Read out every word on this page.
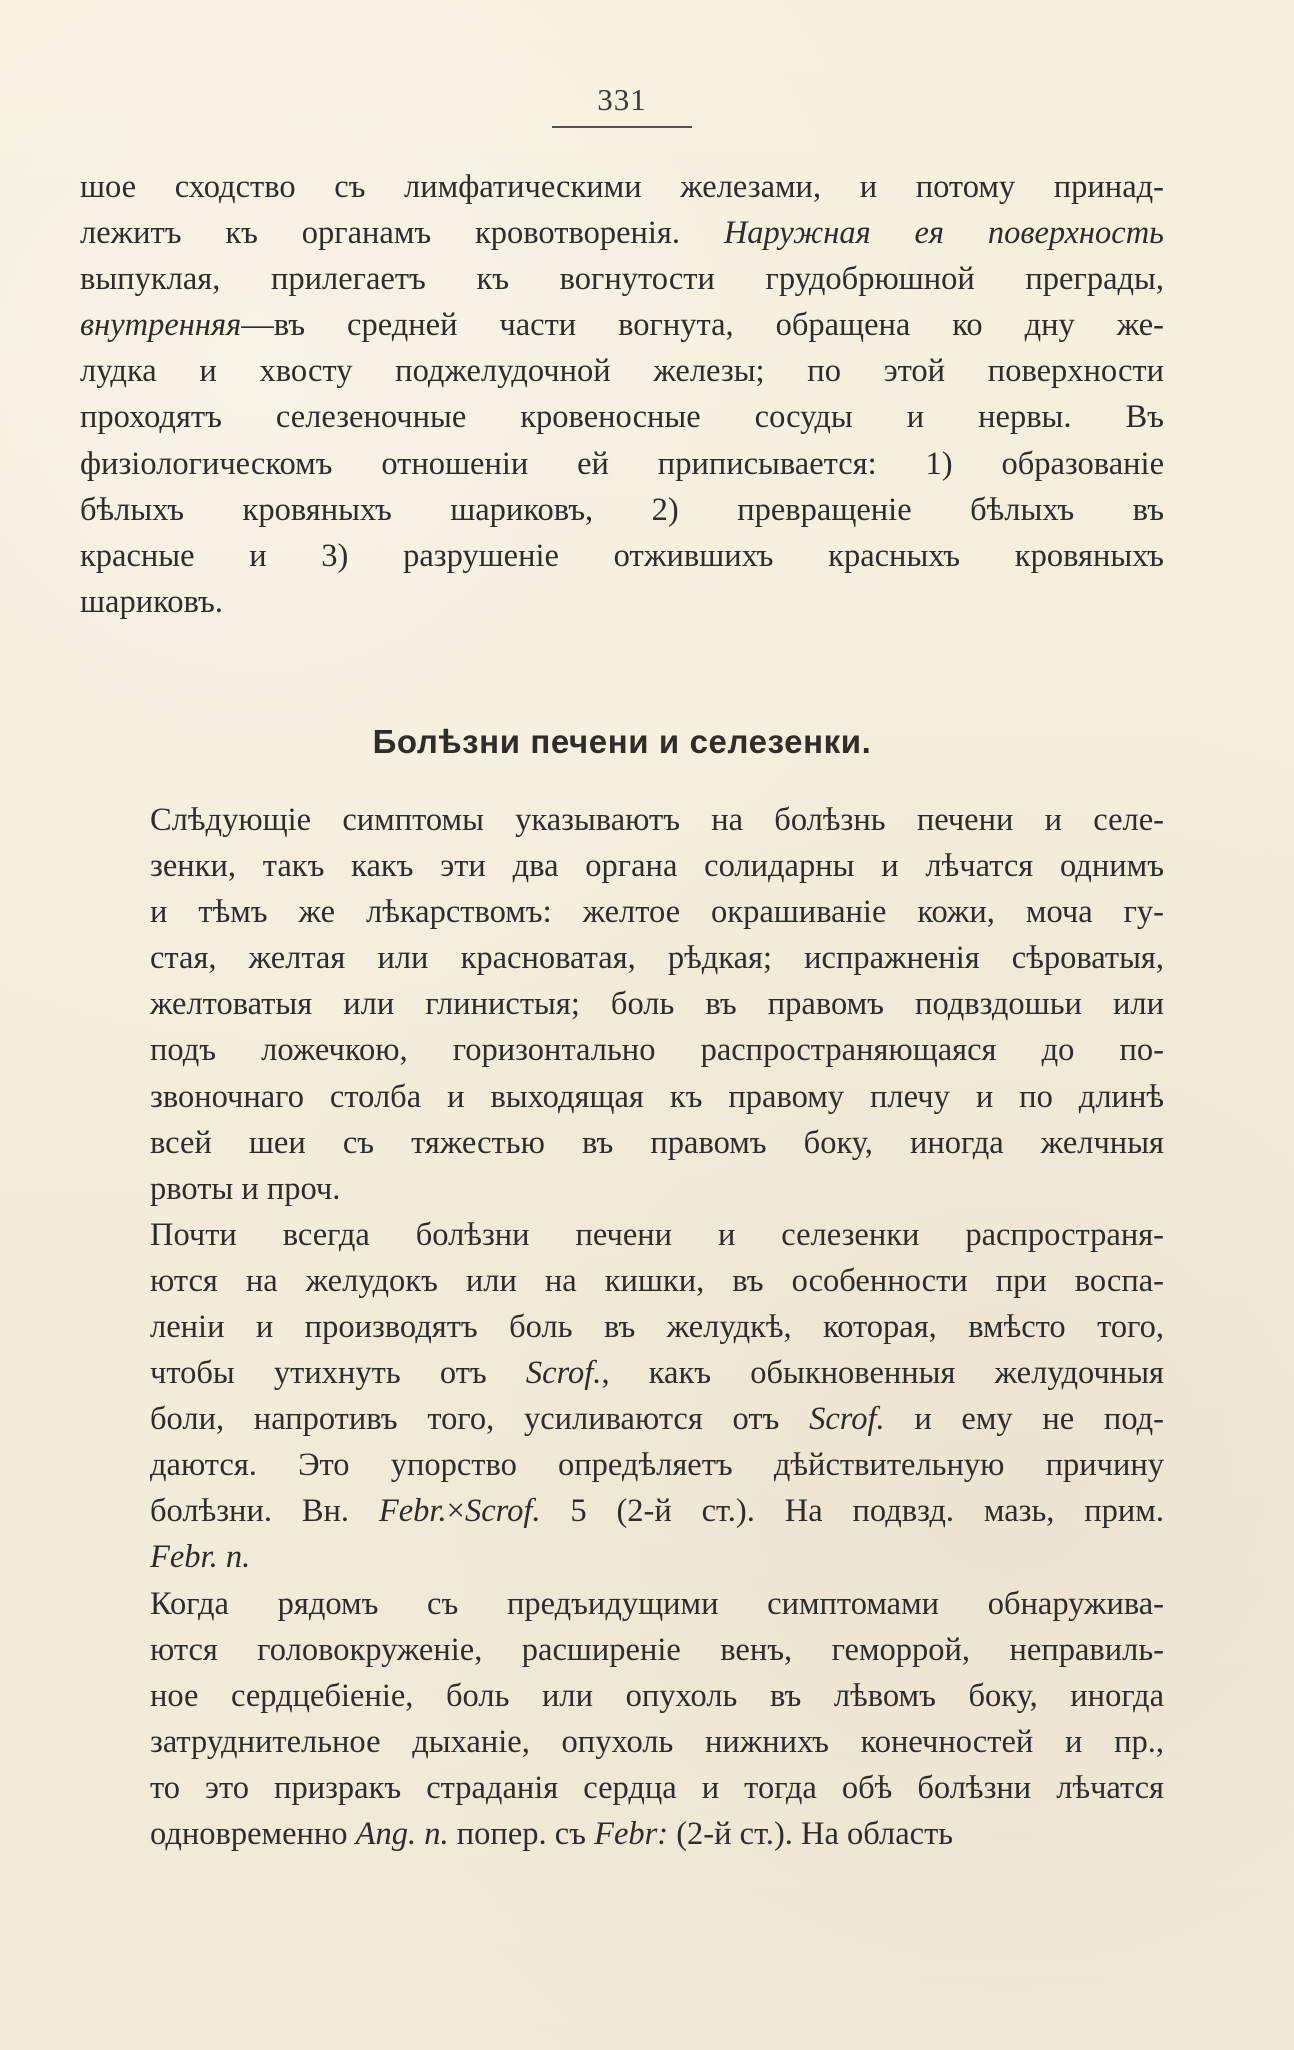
331

шое сходство съ лимфатическими железами, и потому принад-
лежитъ къ органамъ кровотворенія. Наружная ея поверхность
выпуклая, прилегаетъ къ вогнутости грудобрюшной преграды,
внутренняя—въ средней части вогнута, обращена ко дну же-
лудка и хвосту поджелудочной железы; по этой поверхности
проходятъ селезеночные кровеносные сосуды и нервы. Въ
физіологическомъ отношеніи ей приписывается: 1) образованіе
бѣлыхъ кровяныхъ шариковъ, 2) превращеніе бѣлыхъ въ
красные и 3) разрушеніе отжившихъ красныхъ кровяныхъ
шариковъ.

Болѣзни печени и селезенки.

Слѣдующіе симптомы указываютъ на болѣзнь печени и селе-
зенки, такъ какъ эти два органа солидарны и лѣчатся однимъ
и тѣмъ же лѣкарствомъ: желтое окрашиваніе кожи, моча гу-
стая, желтая или красноватая, рѣдкая; испражненія сѣроватыя,
желтоватыя или глинистыя; боль въ правомъ подвздошьи или
подъ ложечкою, горизонтально распространяющаяся до по-
звоночнаго столба и выходящая къ правому плечу и по длинѣ
всей шеи съ тяжестью въ правомъ боку, иногда желчныя
рвоты и проч.

Почти всегда болѣзни печени и селезенки распространя-
ются на желудокъ или на кишки, въ особенности при воспа-
леніи и производятъ боль въ желудкѣ, которая, вмѣсто того,
чтобы утихнуть отъ Scrof., какъ обыкновенныя желудочныя
боли, напротивъ того, усиливаются отъ Scrof. и ему не под-
даются. Это упорство опредѣляетъ дѣйствительную причину
болѣзни. Вн. Febr.×Scrof. 5 (2-й ст.). На подвзд. мазь, прим.
Febr. n.

Когда рядомъ съ предъидущими симптомами обнаружива-
ются головокруженіе, расширеніе венъ, геморрой, неправиль-
ное сердцебіеніе, боль или опухоль въ лѣвомъ боку, иногда
затруднительное дыханіе, опухоль нижнихъ конечностей и пр.,
то это призракъ страданія сердца и тогда обѣ болѣзни лѣчатся
одновременно Ang. n. попер. съ Febr: (2-й ст.). На область
